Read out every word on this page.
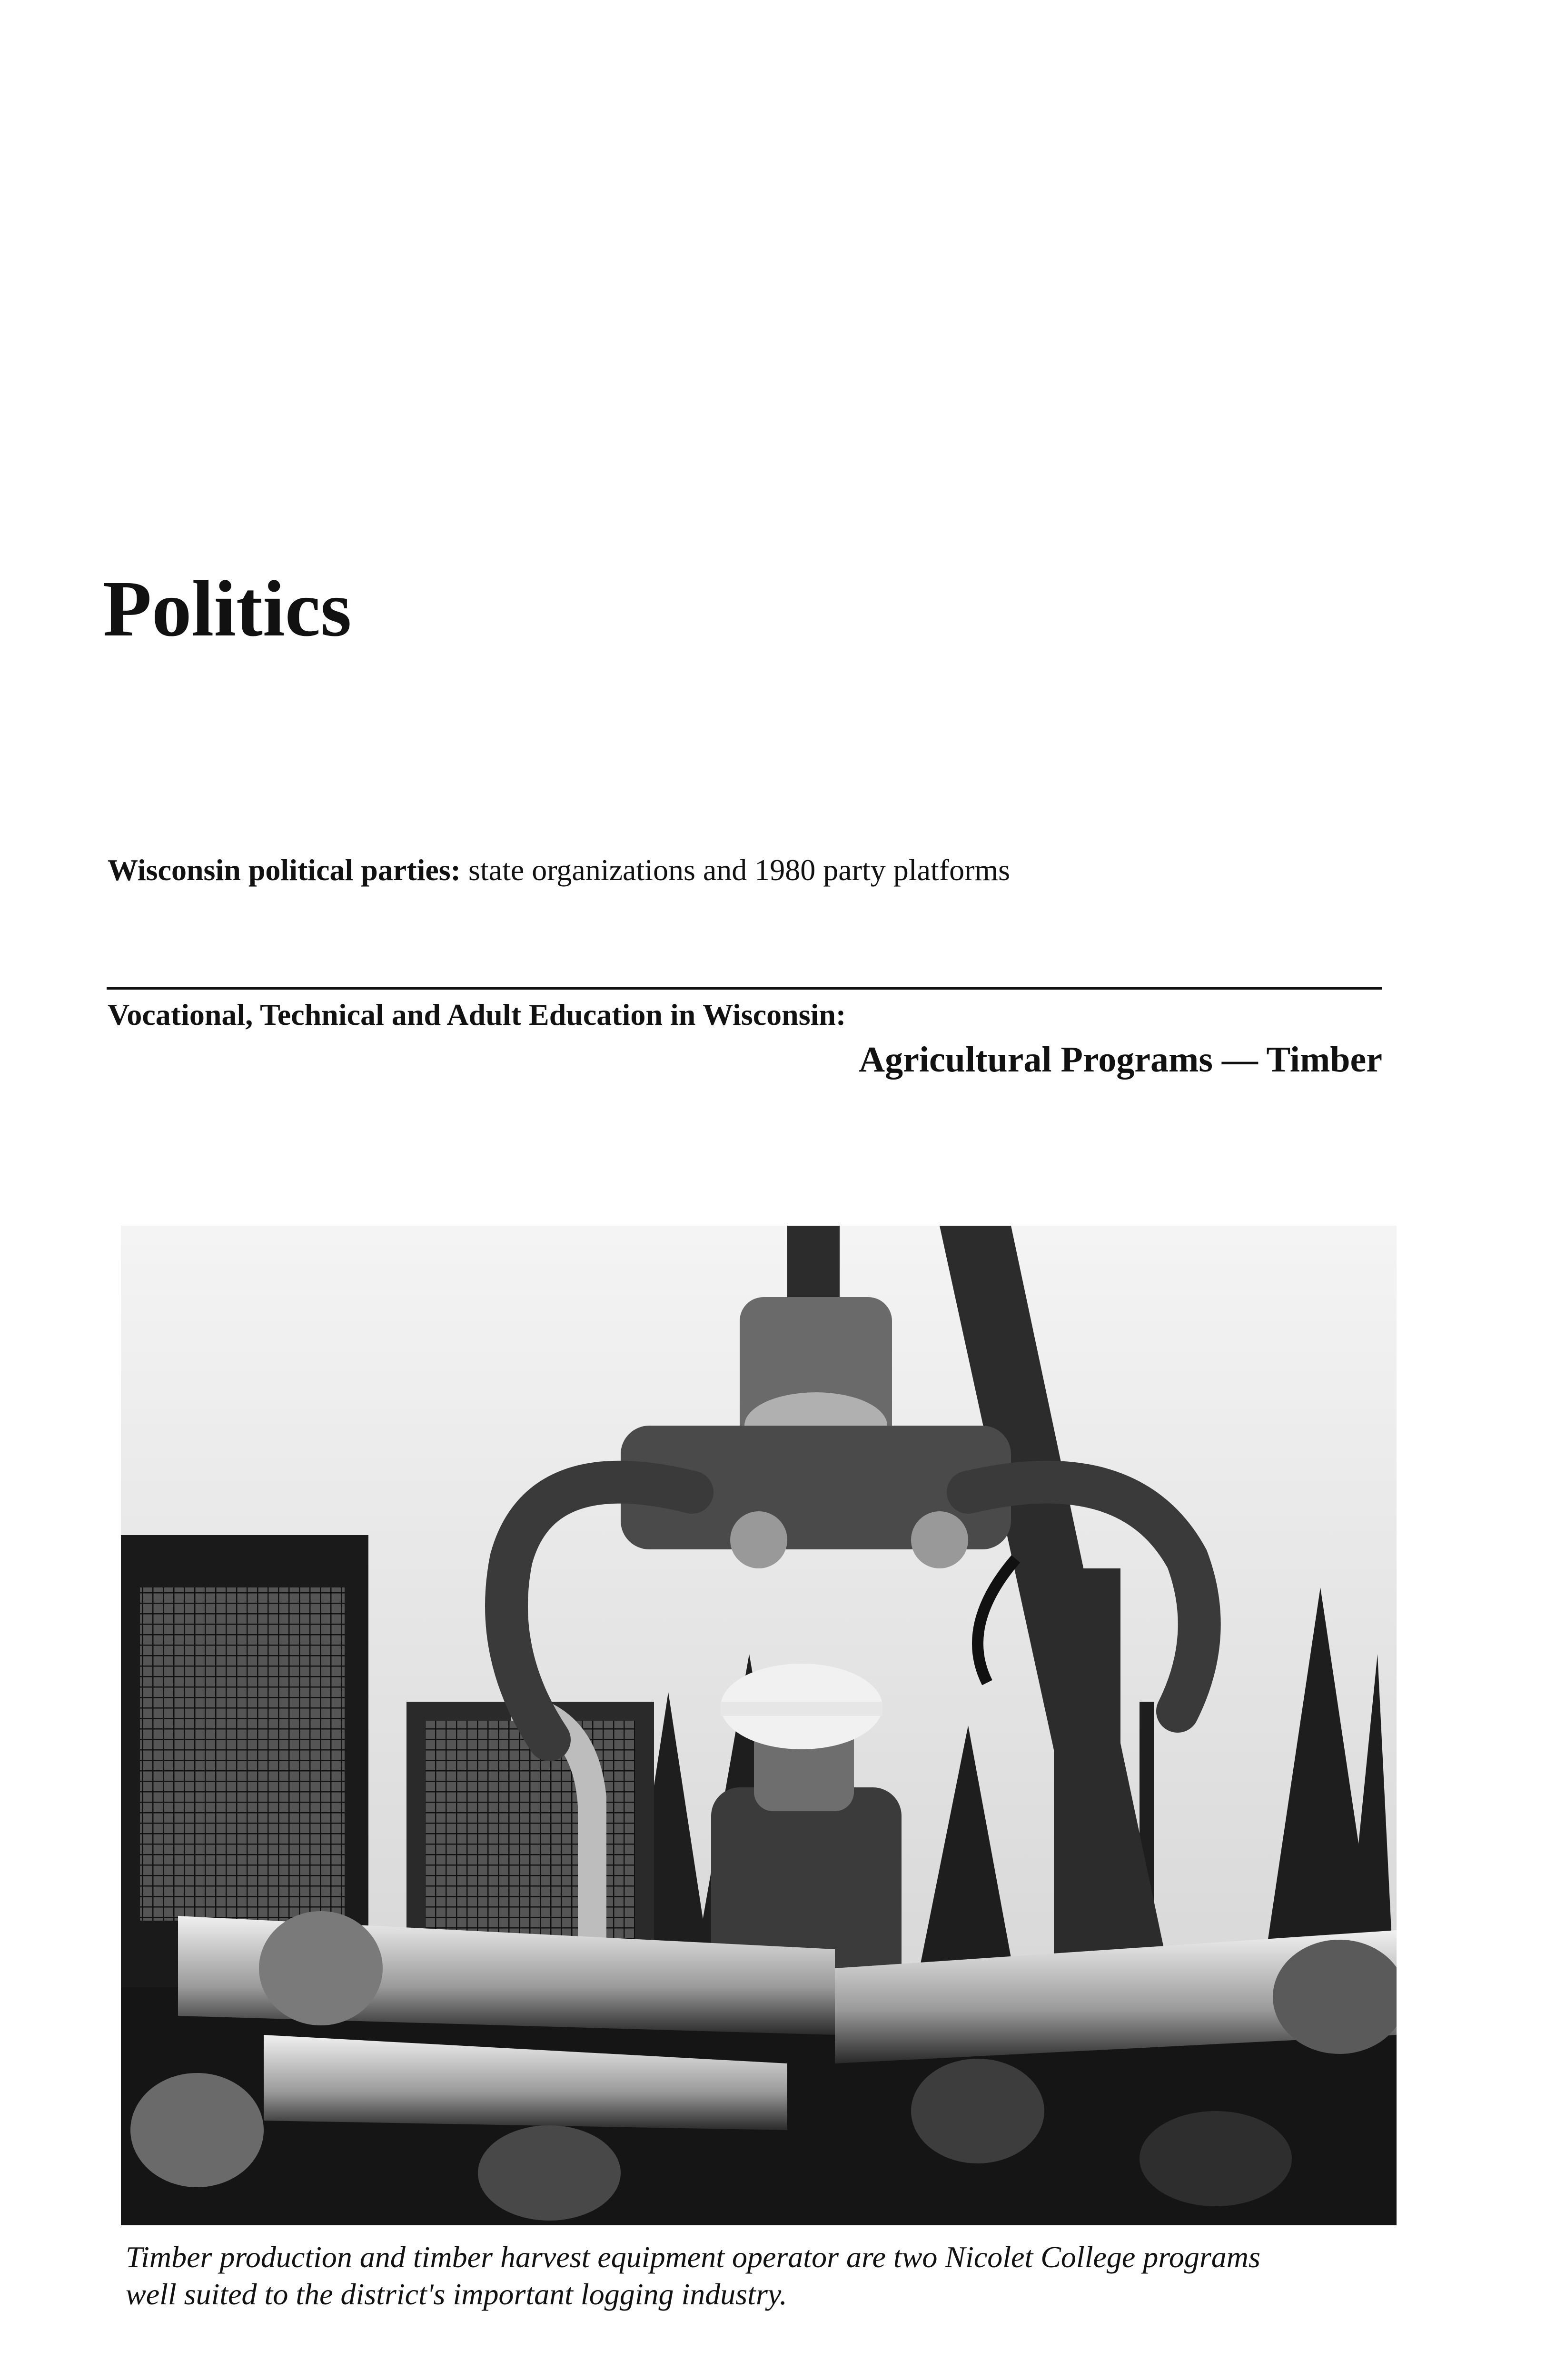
Politics
Wisconsin political parties: state organizations and 1980 party platforms
Vocational, Technical and Adult Education in Wisconsin:
Agricultural Programs — Timber
Timber production and timber harvest equipment operator are two Nicolet College programs
well suited to the district's important logging industry.
